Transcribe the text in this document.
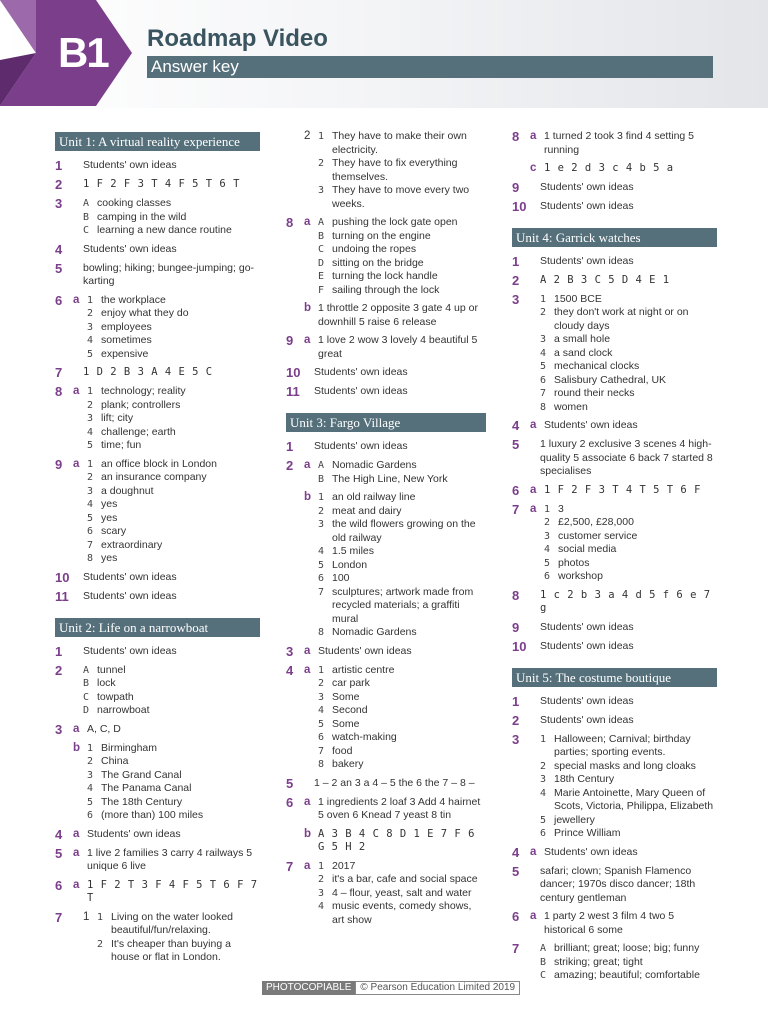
B1 Roadmap Video
Answer key
Unit 1: A virtual reality experience
1	Students' own ideas
2	1 F 2 F 3 T 4 F 5 T 6 T
3	A cooking classes
B camping in the wild
C learning a new dance routine
4	Students' own ideas
5	bowling; hiking; bungee-jumping; go-karting
6 a 1 the workplace
2 enjoy what they do
3 employees
4 sometimes
5 expensive
7	1 D 2 B 3 A 4 E 5 C
8 a 1 technology; reality
2 plank; controllers
3 lift; city
4 challenge; earth
5 time; fun
9 a 1 an office block in London
2 an insurance company
3 a doughnut
4 yes
5 yes
6 scary
7 extraordinary
8 yes
10	Students' own ideas
11	Students' own ideas
Unit 2: Life on a narrowboat
1	Students' own ideas
2	A tunnel
B lock
C towpath
D narrowboat
3 a A, C, D
b 1 Birmingham
2 China
3 The Grand Canal
4 The Panama Canal
5 The 18th Century
6 (more than) 100 miles
4 a Students' own ideas
5 a 1 live 2 families 3 carry 4 railways 5 unique 6 live
6 a 1 F 2 T 3 F 4 F 5 T 6 F 7 T
7	1 1 Living on the water looked beautiful/fun/relaxing.
2 It's cheaper than buying a house or flat in London.
2 1 They have to make their own electricity.
2 They have to fix everything themselves.
3 They have to move every two weeks.
8 a A pushing the lock gate open
B turning on the engine
C undoing the ropes
D sitting on the bridge
E turning the lock handle
F sailing through the lock
b 1 throttle 2 opposite 3 gate 4 up or downhill 5 raise 6 release
9 a 1 love 2 wow 3 lovely 4 beautiful 5 great
10	Students' own ideas
11	Students' own ideas
Unit 3: Fargo Village
1	Students' own ideas
2 a A Nomadic Gardens
B The High Line, New York
b 1 an old railway line
2 meat and dairy
3 the wild flowers growing on the old railway
4 1.5 miles
5 London
6 100
7 sculptures; artwork made from recycled materials; a graffiti mural
8 Nomadic Gardens
3 a Students' own ideas
4 a 1 artistic centre
2 car park
3 Some
4 Second
5 Some
6 watch-making
7 food
8 bakery
5	1 – 2 an 3 a 4 – 5 the 6 the 7 – 8 –
6 a 1 ingredients 2 loaf 3 Add 4 hairnet 5 oven 6 Knead 7 yeast 8 tin
b A 3 B 4 C 8 D 1 E 7 F 6 G 5 H 2
7 a 1 2017
2 it's a bar, cafe and social space
3 4 – flour, yeast, salt and water
4 music events, comedy shows, art show
8 a 1 turned 2 took 3 find 4 setting 5 running
c 1 e 2 d 3 c 4 b 5 a
9	Students' own ideas
10	Students' own ideas
Unit 4: Garrick watches
1	Students' own ideas
2	A 2 B 3 C 5 D 4 E 1
3	1 1500 BCE
2 they don't work at night or on cloudy days
3 a small hole
4 a sand clock
5 mechanical clocks
6 Salisbury Cathedral, UK
7 round their necks
8 women
4 a Students' own ideas
5	1 luxury 2 exclusive 3 scenes 4 high-quality 5 associate 6 back 7 started 8 specialises
6 a 1 F 2 F 3 T 4 T 5 T 6 F
7 a 1 3
2 £2,500, £28,000
3 customer service
4 social media
5 photos
6 workshop
8	1 c 2 b 3 a 4 d 5 f 6 e 7 g
9	Students' own ideas
10	Students' own ideas
Unit 5: The costume boutique
1	Students' own ideas
2	Students' own ideas
3	1 Halloween; Carnival; birthday parties; sporting events.
2 special masks and long cloaks
3 18th Century
4 Marie Antoinette, Mary Queen of Scots, Victoria, Philippa, Elizabeth
5 jewellery
6 Prince William
4 a Students' own ideas
5	safari; clown; Spanish Flamenco dancer; 1970s disco dancer; 18th century gentleman
6 a 1 party 2 west 3 film 4 two 5 historical 6 some
7	A brilliant; great; loose; big; funny
B striking; great; tight
C amazing; beautiful; comfortable
PHOTOCOPIABLE © Pearson Education Limited 2019
